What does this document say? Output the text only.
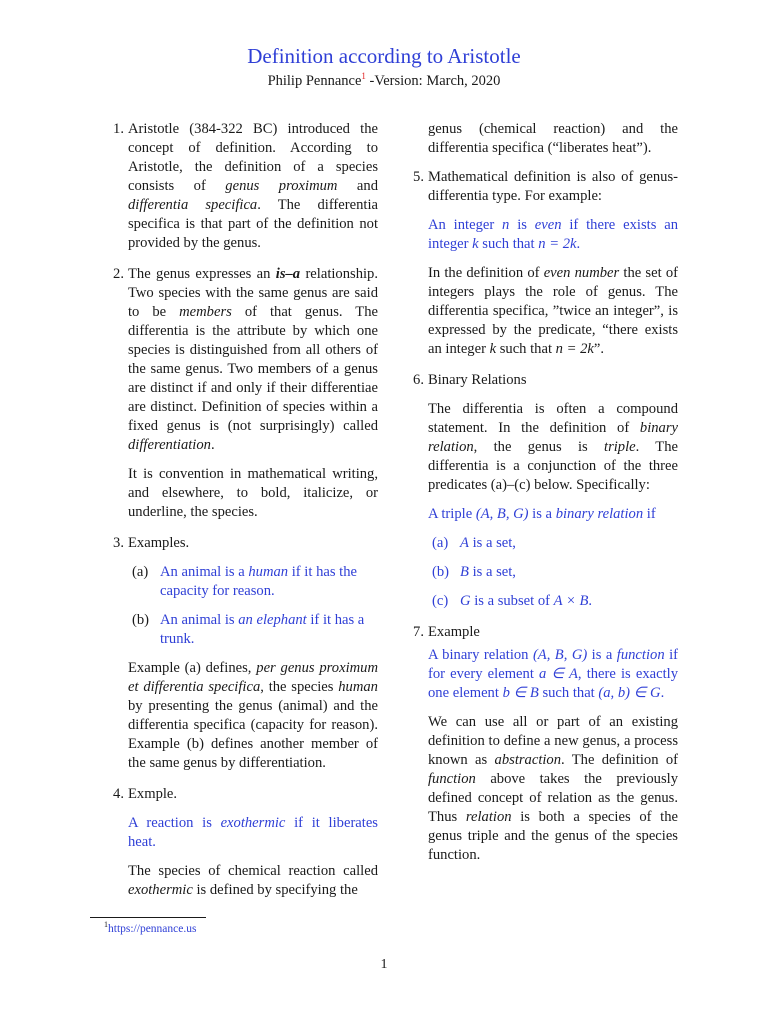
Definition according to Aristotle
Philip Pennance$^1$ -Version: March, 2020
1. Aristotle (384-322 BC) introduced the concept of definition. According to Aristotle, the definition of a species consists of genus proximum and differentia specifica. The differentia specifica is that part of the definition not provided by the genus.

2. The genus expresses an is–a relationship. Two species with the same genus are said to be members of that genus. The differentia is the attribute by which one species is distinguished from all others of the same genus. Two members of a genus are distinct if and only if their differentiae are distinct. Definition of species within a fixed genus is (not surprisingly) called differentiation.

It is convention in mathematical writing, and elsewhere, to bold, italicize, or underline, the species.

3. Examples.

(a) An animal is a human if it has the capacity for reason.
(b) An animal is an elephant if it has a trunk.

Example (a) defines, per genus proximum et differentia specifica, the species human by presenting the genus (animal) and the differentia specifica (capacity for reason). Example (b) defines another member of the same genus by differentiation.

4. Exmple.

A reaction is exothermic if it liberates heat.

The species of chemical reaction called exothermic is defined by specifying the

genus (chemical reaction) and the differentia specifica (“liberates heat”).

5. Mathematical definition is also of genus-differentia type. For example:

An integer n is even if there exists an integer k such that n = 2k.

In the definition of even number the set of integers plays the role of genus. The differentia specifica, ”twice an integer”, is expressed by the predicate, “there exists an integer k such that n = 2k”.

6. Binary Relations

The differentia is often a compound statement. In the definition of binary relation, the genus is triple. The differentia is a conjunction of the three predicates (a)–(c) below. Specifically:

A triple (A, B, G) is a binary relation if

(a) A is a set,
(b) B is a set,
(c) G is a subset of A × B.
7. Example

A binary relation (A, B, G) is a function if for every element a ∈ A, there is exactly one element b ∈ B such that (a, b) ∈ G.

We can use all or part of an existing definition to define a new genus, a process known as abstraction. The definition of function above takes the previously defined concept of relation as the genus. Thus relation is both a species of the genus triple and the genus of the species function.

$^1$https://pennance.us
1
